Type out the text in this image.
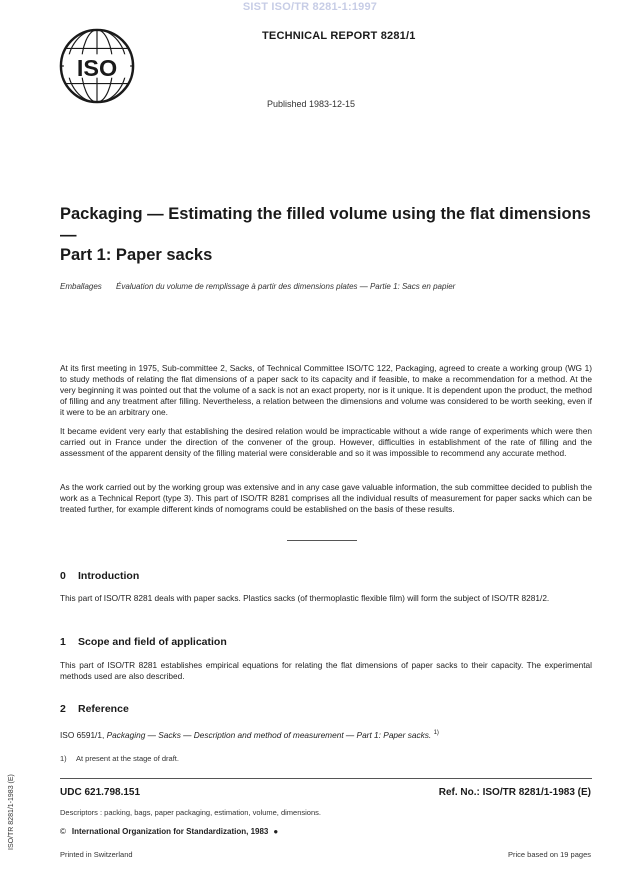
SIST ISO/TR 8281-1:1997
ISO
TECHNICAL REPORT 8281/1
Published 1983-12-15
Packaging — Estimating the filled volume using the flat dimensions —
Part 1: Paper sacks
Emballages Évaluation du volume de remplissage à partir des dimensions plates — Partie 1: Sacs en papier
At its first meeting in 1975, Sub-committee 2, Sacks, of Technical Committee ISO/TC 122, Packaging, agreed to create a working group (WG 1) to study methods of relating the flat dimensions of a paper sack to its capacity and if feasible, to make a recommendation for a method. At the very beginning it was pointed out that the volume of a sack is not an exact property, nor is it unique. It is dependent upon the product, the method of filling and any treatment after filling. Nevertheless, a relation between the dimensions and volume was considered to be worth seeking, even if it were to be an arbitrary one.
It became evident very early that establishing the desired relation would be impracticable without a wide range of experiments which were then carried out in France under the direction of the convener of the group. However, difficulties in establishment of the rate of filling and the assessment of the apparent density of the filling material were considerable and so it was impossible to recommend any accurate method.
As the work carried out by the working group was extensive and in any case gave valuable information, the sub committee decided to publish the work as a Technical Report (type 3). This part of ISO/TR 8281 comprises all the individual results of measurement for paper sacks which can be treated further, for example different kinds of nomograms could be established on the basis of these results.
0 Introduction
This part of ISO/TR 8281 deals with paper sacks. Plastics sacks (of thermoplastic flexible film) will form the subject of ISO/TR 8281/2.
1 Scope and field of application
This part of ISO/TR 8281 establishes empirical equations for relating the flat dimensions of paper sacks to their capacity. The experimental methods used are also described.
2 Reference
ISO 6591/1, Packaging — Sacks — Description and method of measurement — Part 1: Paper sacks. $^{1)}$
1) At present at the stage of draft.
UDC 621.798.151	Ref. No.: ISO/TR 8281/1-1983 (E)
Descriptors : packing, bags, paper packaging, estimation, volume, dimensions.
© International Organization for Standardization, 1983 ●
Printed in Switzerland	Price based on 19 pages
ISO/TR 8281/1-1983 (E)
